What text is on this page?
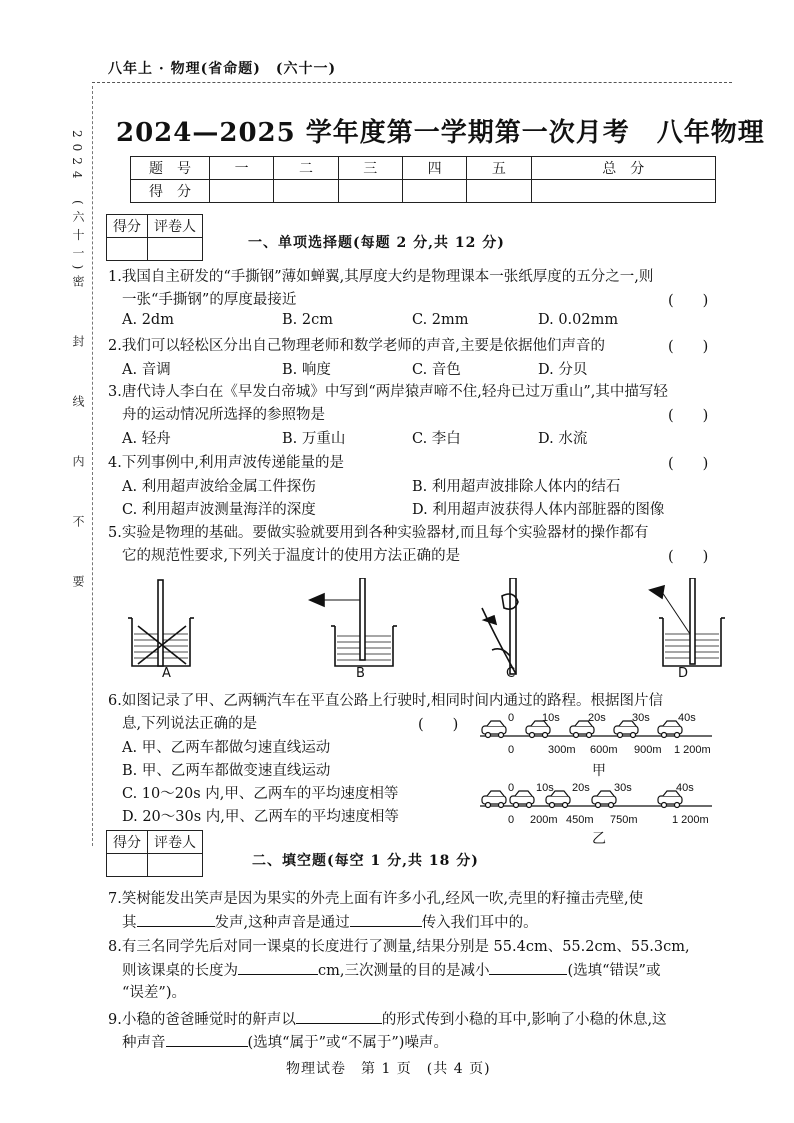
八年上 · 物理(省命题)　(六十一)
2024
(六十一)
密　封　线　内　不　要
2024—2025 学年度第一学期第一次月考　八年物理
题　号	一	二	三	四	五	总　分
得　分						
得分	评卷人

一、单项选择题(每题 2 分,共 12 分)
1.我国自主研发的“手撕钢”薄如蝉翼,其厚度大约是物理课本一张纸厚度的五分之一,则
一张“手撕钢”的厚度最接近	(　　)
A. 2dm	B. 2cm	C. 2mm	D. 0.02mm
2.我们可以轻松区分出自己物理老师和数学老师的声音,主要是依据他们声音的	(　　)
A. 音调	B. 响度	C. 音色	D. 分贝
3.唐代诗人李白在《早发白帝城》中写到“两岸猿声啼不住,轻舟已过万重山”,其中描写轻
舟的运动情况所选择的参照物是	(　　)
A. 轻舟	B. 万重山	C. 李白	D. 水流
4.下列事例中,利用声波传递能量的是	(　　)
A. 利用超声波给金属工件探伤	B. 利用超声波排除人体内的结石
C. 利用超声波测量海洋的深度	D. 利用超声波获得人体内部脏器的图像
5.实验是物理的基础。要做实验就要用到各种实验器材,而且每个实验器材的操作都有
它的规范性要求,下列关于温度计的使用方法正确的是	(　　)
A	B	C	D
6.如图记录了甲、乙两辆汽车在平直公路上行驶时,相同时间内通过的路程。根据图片信
息,下列说法正确的是	(　　)
A. 甲、乙两车都做匀速直线运动
B. 甲、乙两车都做变速直线运动
C. 10～20s 内,甲、乙两车的平均速度相等
D. 20～30s 内,甲、乙两车的平均速度相等
0	10s	20s 30s	40s
0	300m 600m 900m 1 200m
甲
0 10s 20s 30s	40s
0 200m 450m 750m	1 200m
乙
得分	评卷人

二、填空题(每空 1 分,共 18 分)
7.笑树能发出笑声是因为果实的外壳上面有许多小孔,经风一吹,壳里的籽撞击壳壁,使
其	发声,这种声音是通过	传入我们耳中的。
8.有三名同学先后对同一课桌的长度进行了测量,结果分别是 55.4cm、55.2cm、55.3cm,
则该课桌的长度为	cm,三次测量的目的是减小	(选填“错误”或
“误差”)。
9.小稳的爸爸睡觉时的鼾声以	的形式传到小稳的耳中,影响了小稳的休息,这
种声音	(选填“属于”或“不属于”)噪声。
物理试卷　第 1 页　(共 4 页)
